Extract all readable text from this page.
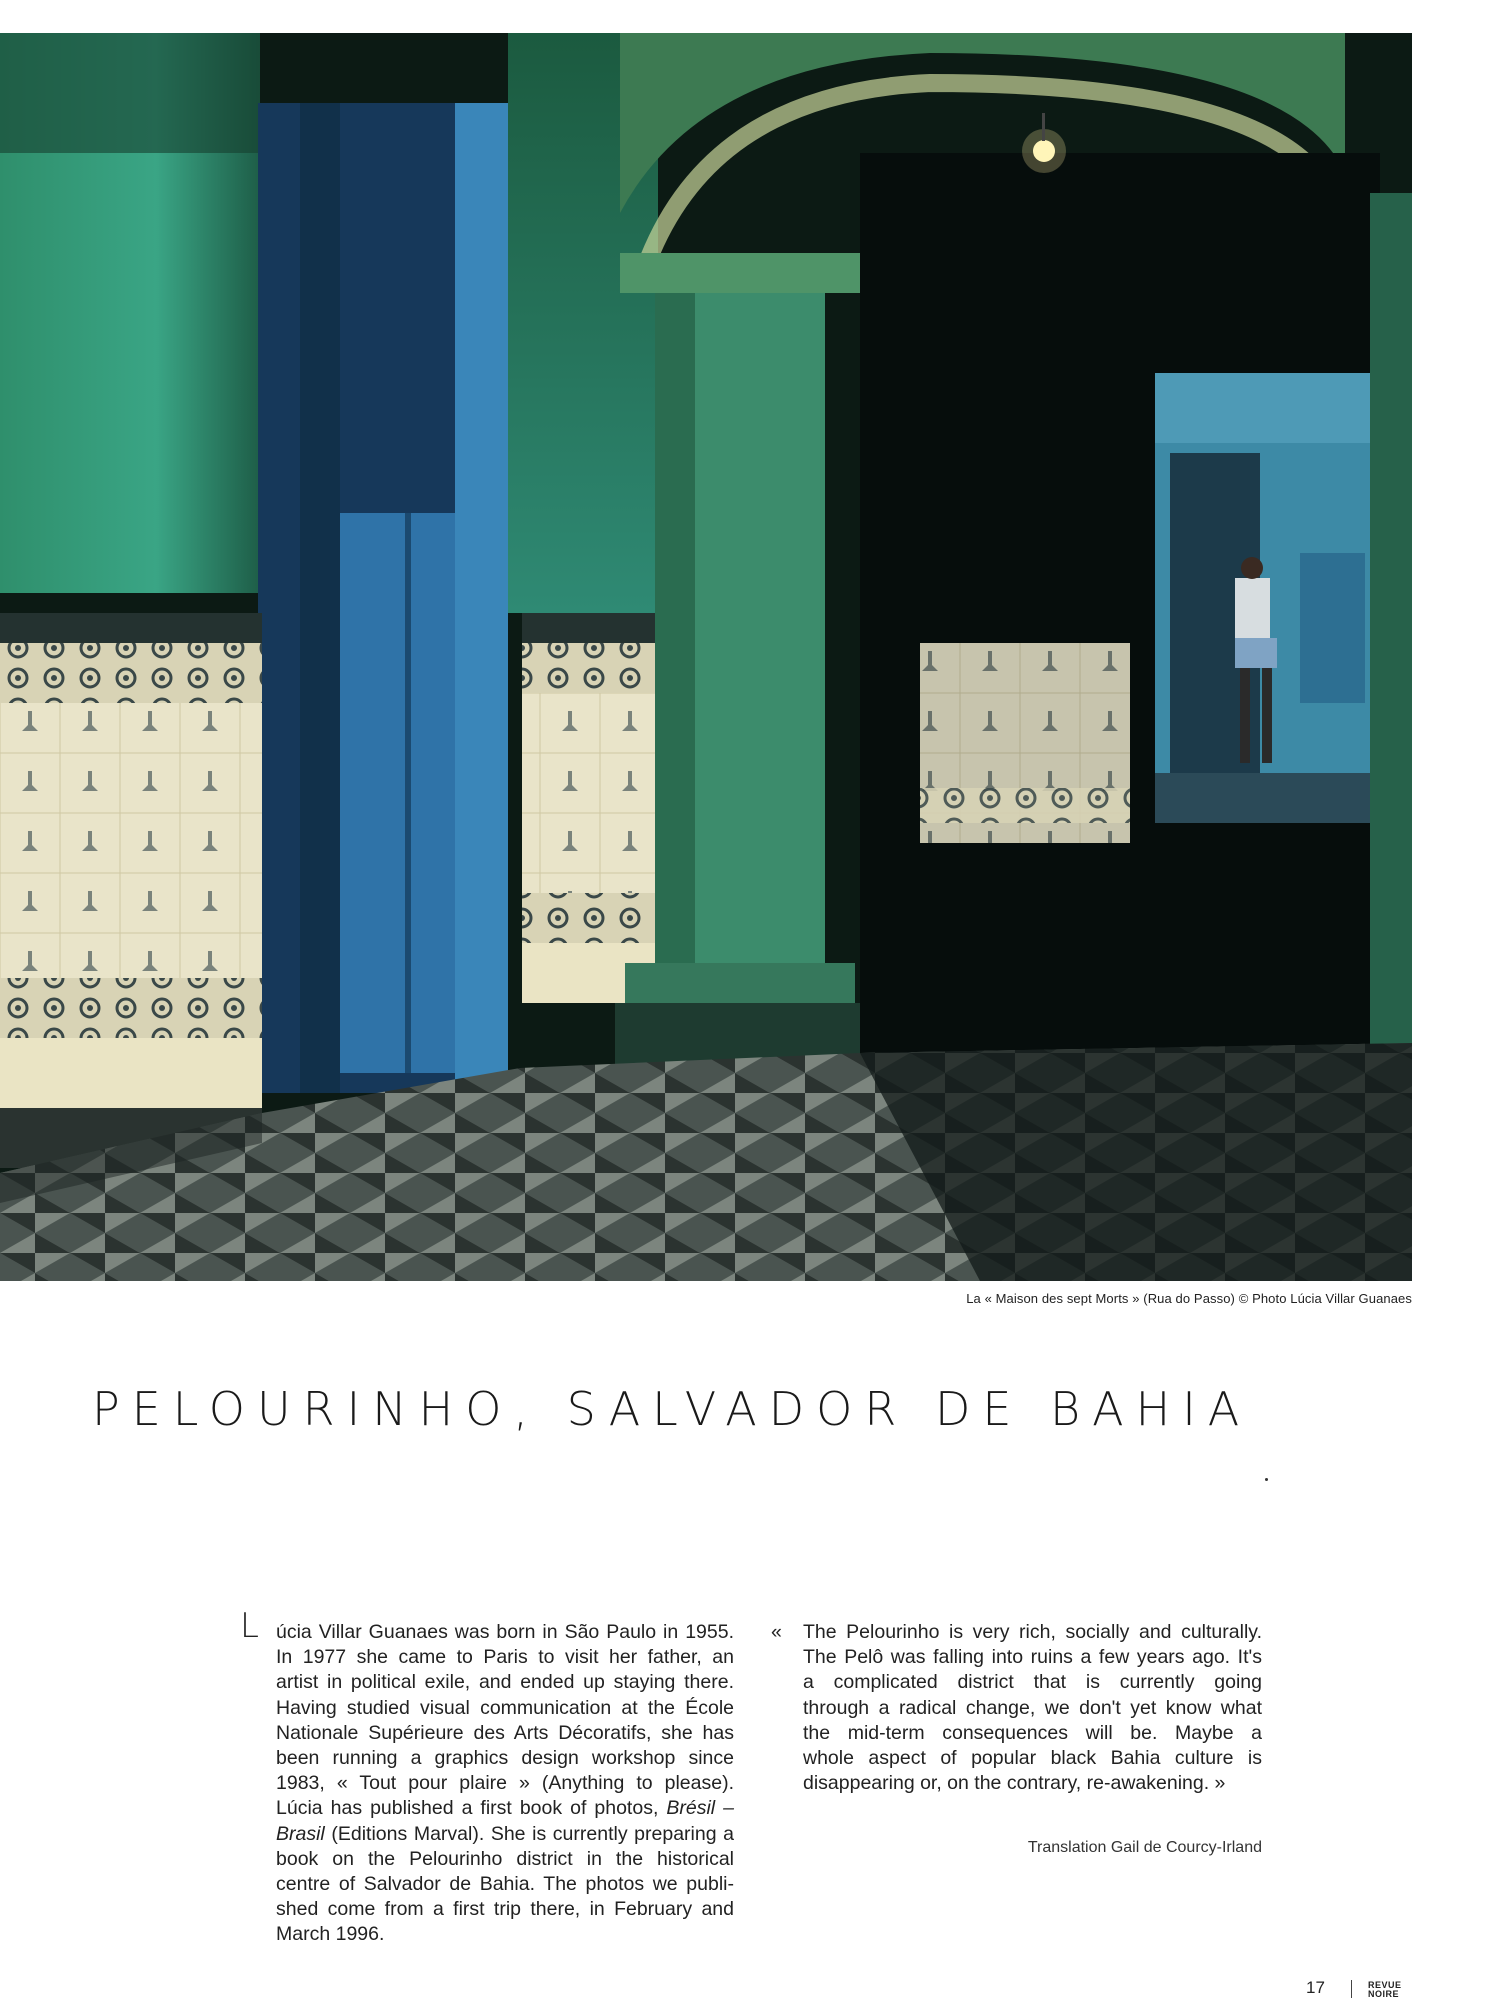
La « Maison des sept Morts » (Rua do Passo) © Photo Lúcia Villar Guanaes
PELOURINHO, SALVADOR DE BAHIA
L úcia Villar Guanaes was born in São Paulo in 1955.
In 1977 she came to Paris to visit her father, an
artist in political exile, and ended up staying there.
Having studied visual communication at the École
Nationale Supérieure des Arts Décoratifs, she has
been running a graphics design workshop since
1983, « Tout pour plaire » (Anything to please).
Lúcia has published a first book of photos, Brésil –
Brasil (Editions Marval). She is currently preparing a
book on the Pelourinho district in the historical
centre of Salvador de Bahia. The photos we publi-
shed come from a first trip there, in February and
March 1996.
« The Pelourinho is very rich, socially and culturally.
The Pelô was falling into ruins a few years ago. It's
a complicated district that is currently going
through a radical change, we don't yet know what
the mid-term consequences will be. Maybe a
whole aspect of popular black Bahia culture is
disappearing or, on the contrary, re-awakening. »
Translation Gail de Courcy-Irland
17	REVUE
NOIRE
